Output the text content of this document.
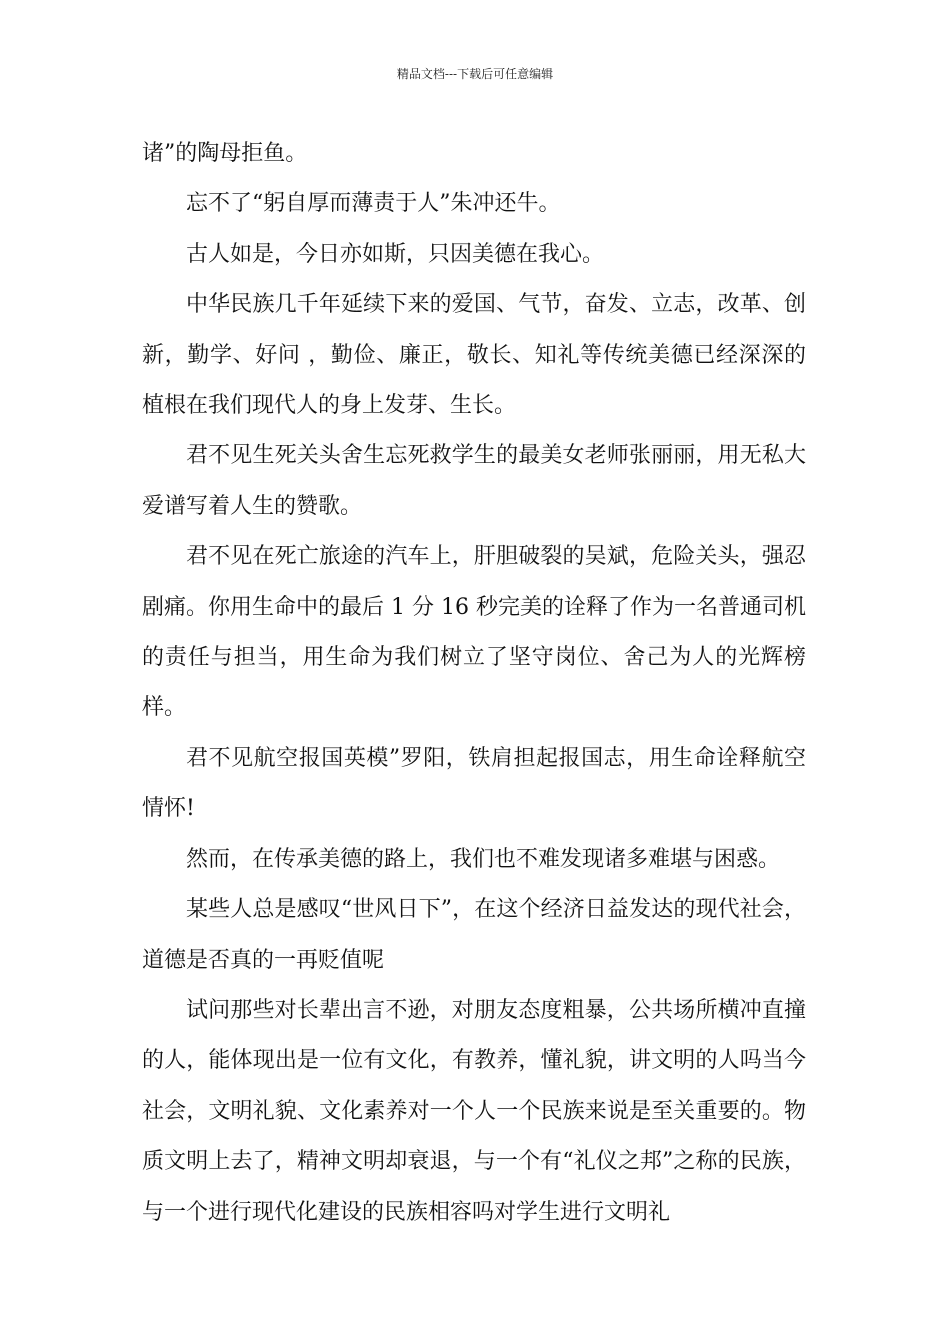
精品文档---下载后可任意编辑

诸”的陶母拒鱼。

忘不了“躬自厚而薄责于人”朱冲还牛。

古人如是，今日亦如斯，只因美德在我心。

中华民族几千年延续下来的爱国、气节，奋发、立志，改革、创新，勤学、好问 ，勤俭、廉正，敬长、知礼等传统美德已经深深的植根在我们现代人的身上发芽、生长。

君不见生死关头舍生忘死救学生的最美女老师张丽丽，用无私大爱谱写着人生的赞歌。

君不见在死亡旅途的汽车上，肝胆破裂的吴斌，危险关头，强忍剧痛。你用生命中的最后 1 分 16 秒完美的诠释了作为一名普通司机的责任与担当，用生命为我们树立了坚守岗位、舍己为人的光辉榜样。

君不见航空报国英模”罗阳，铁肩担起报国志，用生命诠释航空情怀!

然而，在传承美德的路上，我们也不难发现诸多难堪与困惑。

某些人总是感叹“世风日下”，在这个经济日益发达的现代社会，道德是否真的一再贬值呢

试问那些对长辈出言不逊，对朋友态度粗暴，公共场所横冲直撞的人，能体现出是一位有文化，有教养，懂礼貌，讲文明的人吗当今社会，文明礼貌、文化素养对一个人一个民族来说是至关重要的。物质文明上去了，精神文明却衰退，与一个有“礼仪之邦”之称的民族，与一个进行现代化建设的民族相容吗对学生进行文明礼
